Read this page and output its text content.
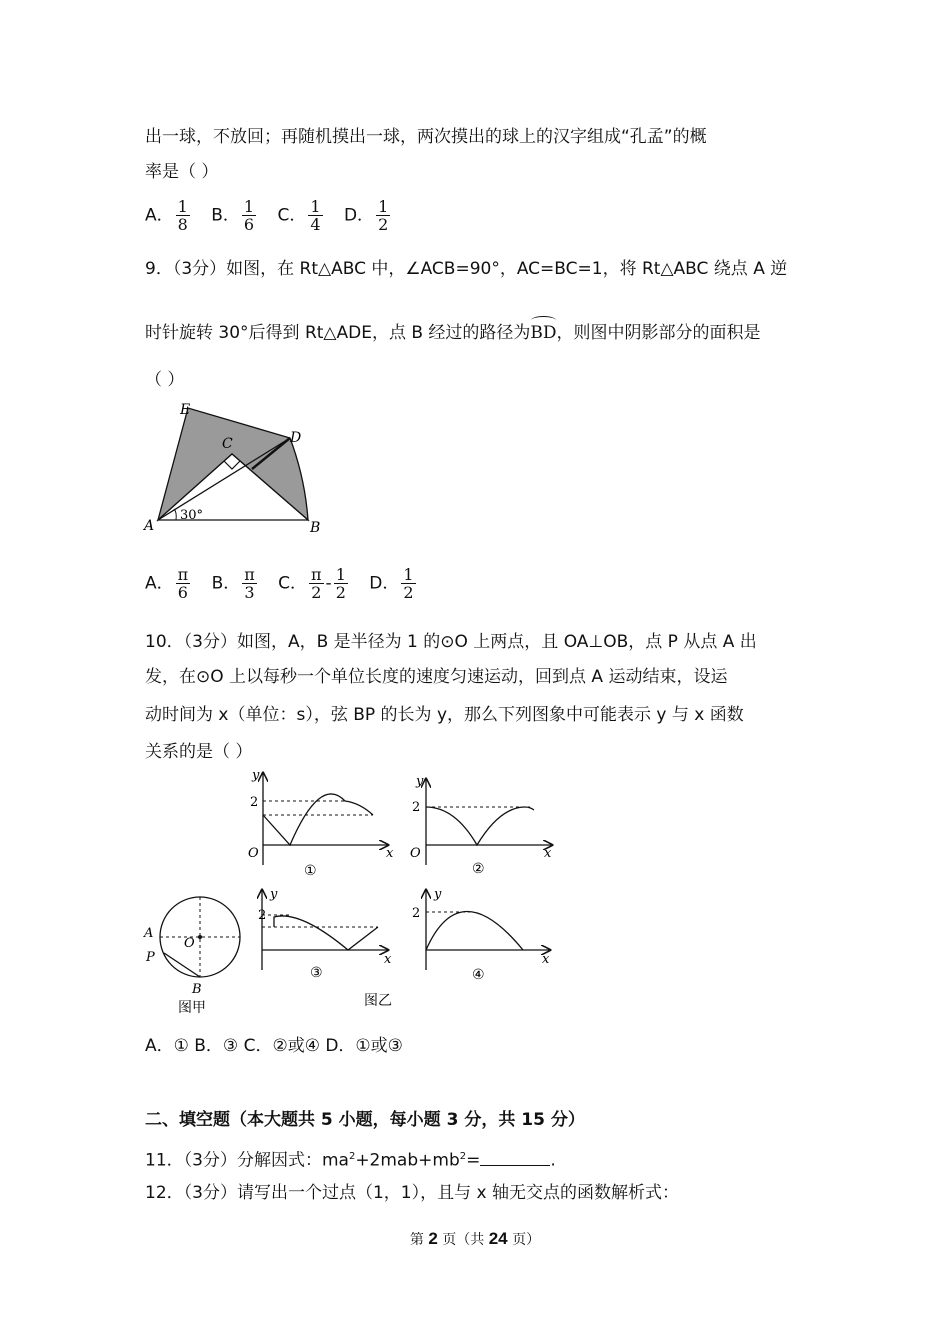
出一球，不放回；再随机摸出一球，两次摸出的球上的汉字组成“孔孟”的概
率是（ ）
A． $\frac{1}{8}$ B． $\frac{1}{6}$ C． $\frac{1}{4}$ D． $\frac{1}{2}$
9．（3分）如图，在 Rt△ABC 中，∠ACB=90°，AC=BC=1，将 Rt△ABC 绕点 A 逆
时针旋转 30°后得到 Rt△ADE，点 B 经过的路径为BD，则图中阴影部分的面积是
（ ）
E
C	D
A	B
30°
A． $\frac{\pi}{6}$ B． $\frac{\pi}{3}$ C． $\frac{\pi}{2} - \frac{1}{2}$ D． $\frac{1}{2}$
10．（3分）如图，A，B 是半径为 1 的⊙O 上两点，且 OA⊥OB，点 P 从点 A 出
发，在⊙O 上以每秒一个单位长度的速度匀速运动，回到点 A 运动结束，设运
动时间为 x（单位：s），弦 BP 的长为 y，那么下列图象中可能表示 y 与 x 函数
关系的是（ ）
y
2
O	x
①
y
2
O	x
②
A
P
O
B
图甲
y
2
x
③
y
2
x
④
图乙
A．① B．③ C．②或④ D．①或③
二、填空题（本大题共 5 小题，每小题 3 分，共 15 分）
11．（3分）分解因式：$ma^2+2mab+mb^2=$	.
12．（3分）请写出一个过点（1，1），且与 x 轴无交点的函数解析式：
第 2 页（共 24 页）
